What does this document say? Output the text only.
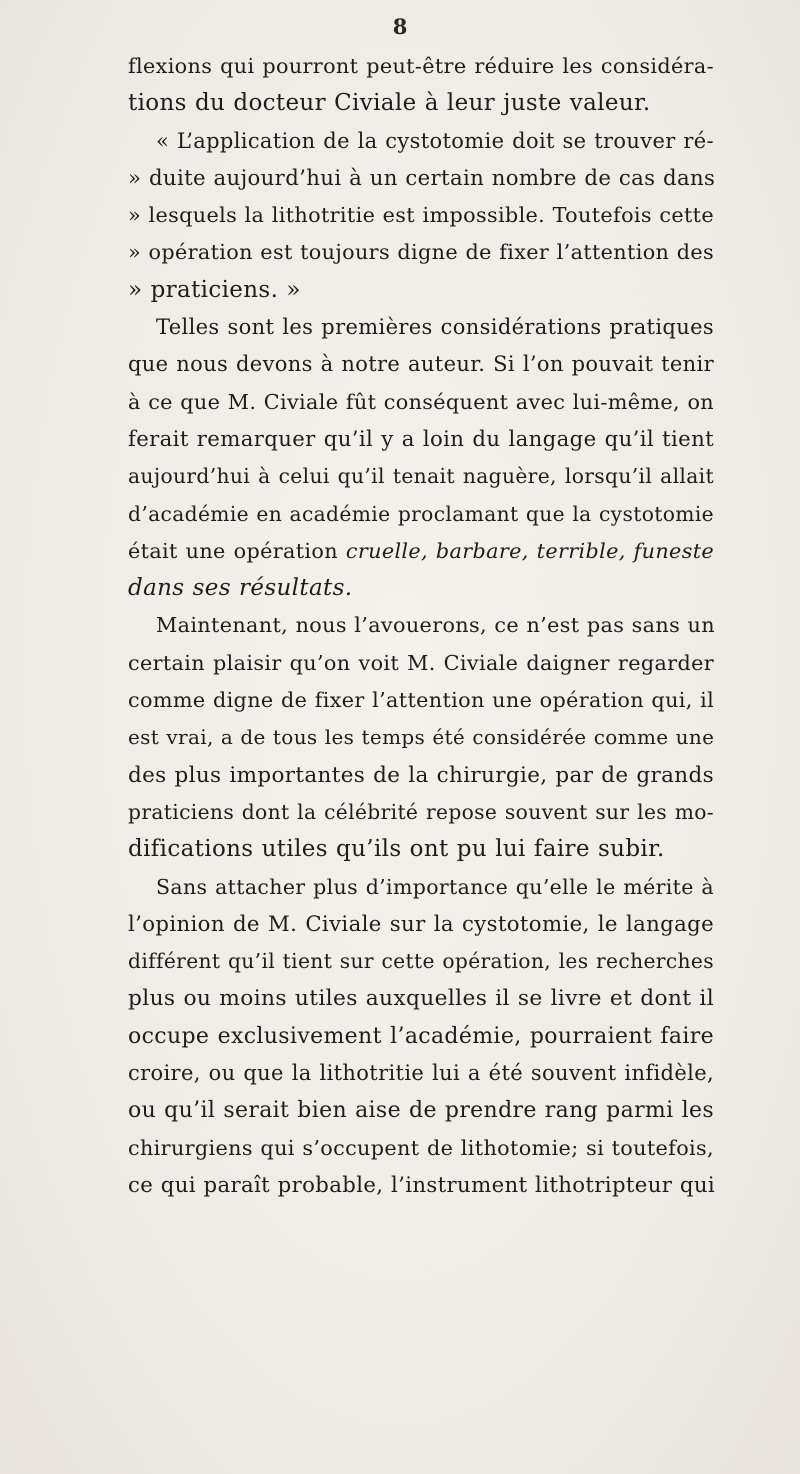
8
flexions qui pourront peut-être réduire les considéra-
tions du docteur Civiale à leur juste valeur.
« L’application de la cystotomie doit se trouver ré-
» duite aujourd’hui à un certain nombre de cas dans
» lesquels la lithotritie est impossible. Toutefois cette
» opération est toujours digne de fixer l’attention des
» praticiens. »
Telles sont les premières considérations pratiques
que nous devons à notre auteur. Si l’on pouvait tenir
à ce que M. Civiale fût conséquent avec lui-même, on
ferait remarquer qu’il y a loin du langage qu’il tient
aujourd’hui à celui qu’il tenait naguère, lorsqu’il allait
d’académie en académie proclamant que la cystotomie
était une opération cruelle, barbare, terrible, funeste
dans ses résultats.
Maintenant, nous l’avouerons, ce n’est pas sans un
certain plaisir qu’on voit M. Civiale daigner regarder
comme digne de fixer l’attention une opération qui, il
est vrai, a de tous les temps été considérée comme une
des plus importantes de la chirurgie, par de grands
praticiens dont la célébrité repose souvent sur les mo-
difications utiles qu’ils ont pu lui faire subir.
Sans attacher plus d’importance qu’elle le mérite à
l’opinion de M. Civiale sur la cystotomie, le langage
différent qu’il tient sur cette opération, les recherches
plus ou moins utiles auxquelles il se livre et dont il
occupe exclusivement l’académie, pourraient faire
croire, ou que la lithotritie lui a été souvent infidèle,
ou qu’il serait bien aise de prendre rang parmi les
chirurgiens qui s’occupent de lithotomie; si toutefois,
ce qui paraît probable, l’instrument lithotripteur qui
